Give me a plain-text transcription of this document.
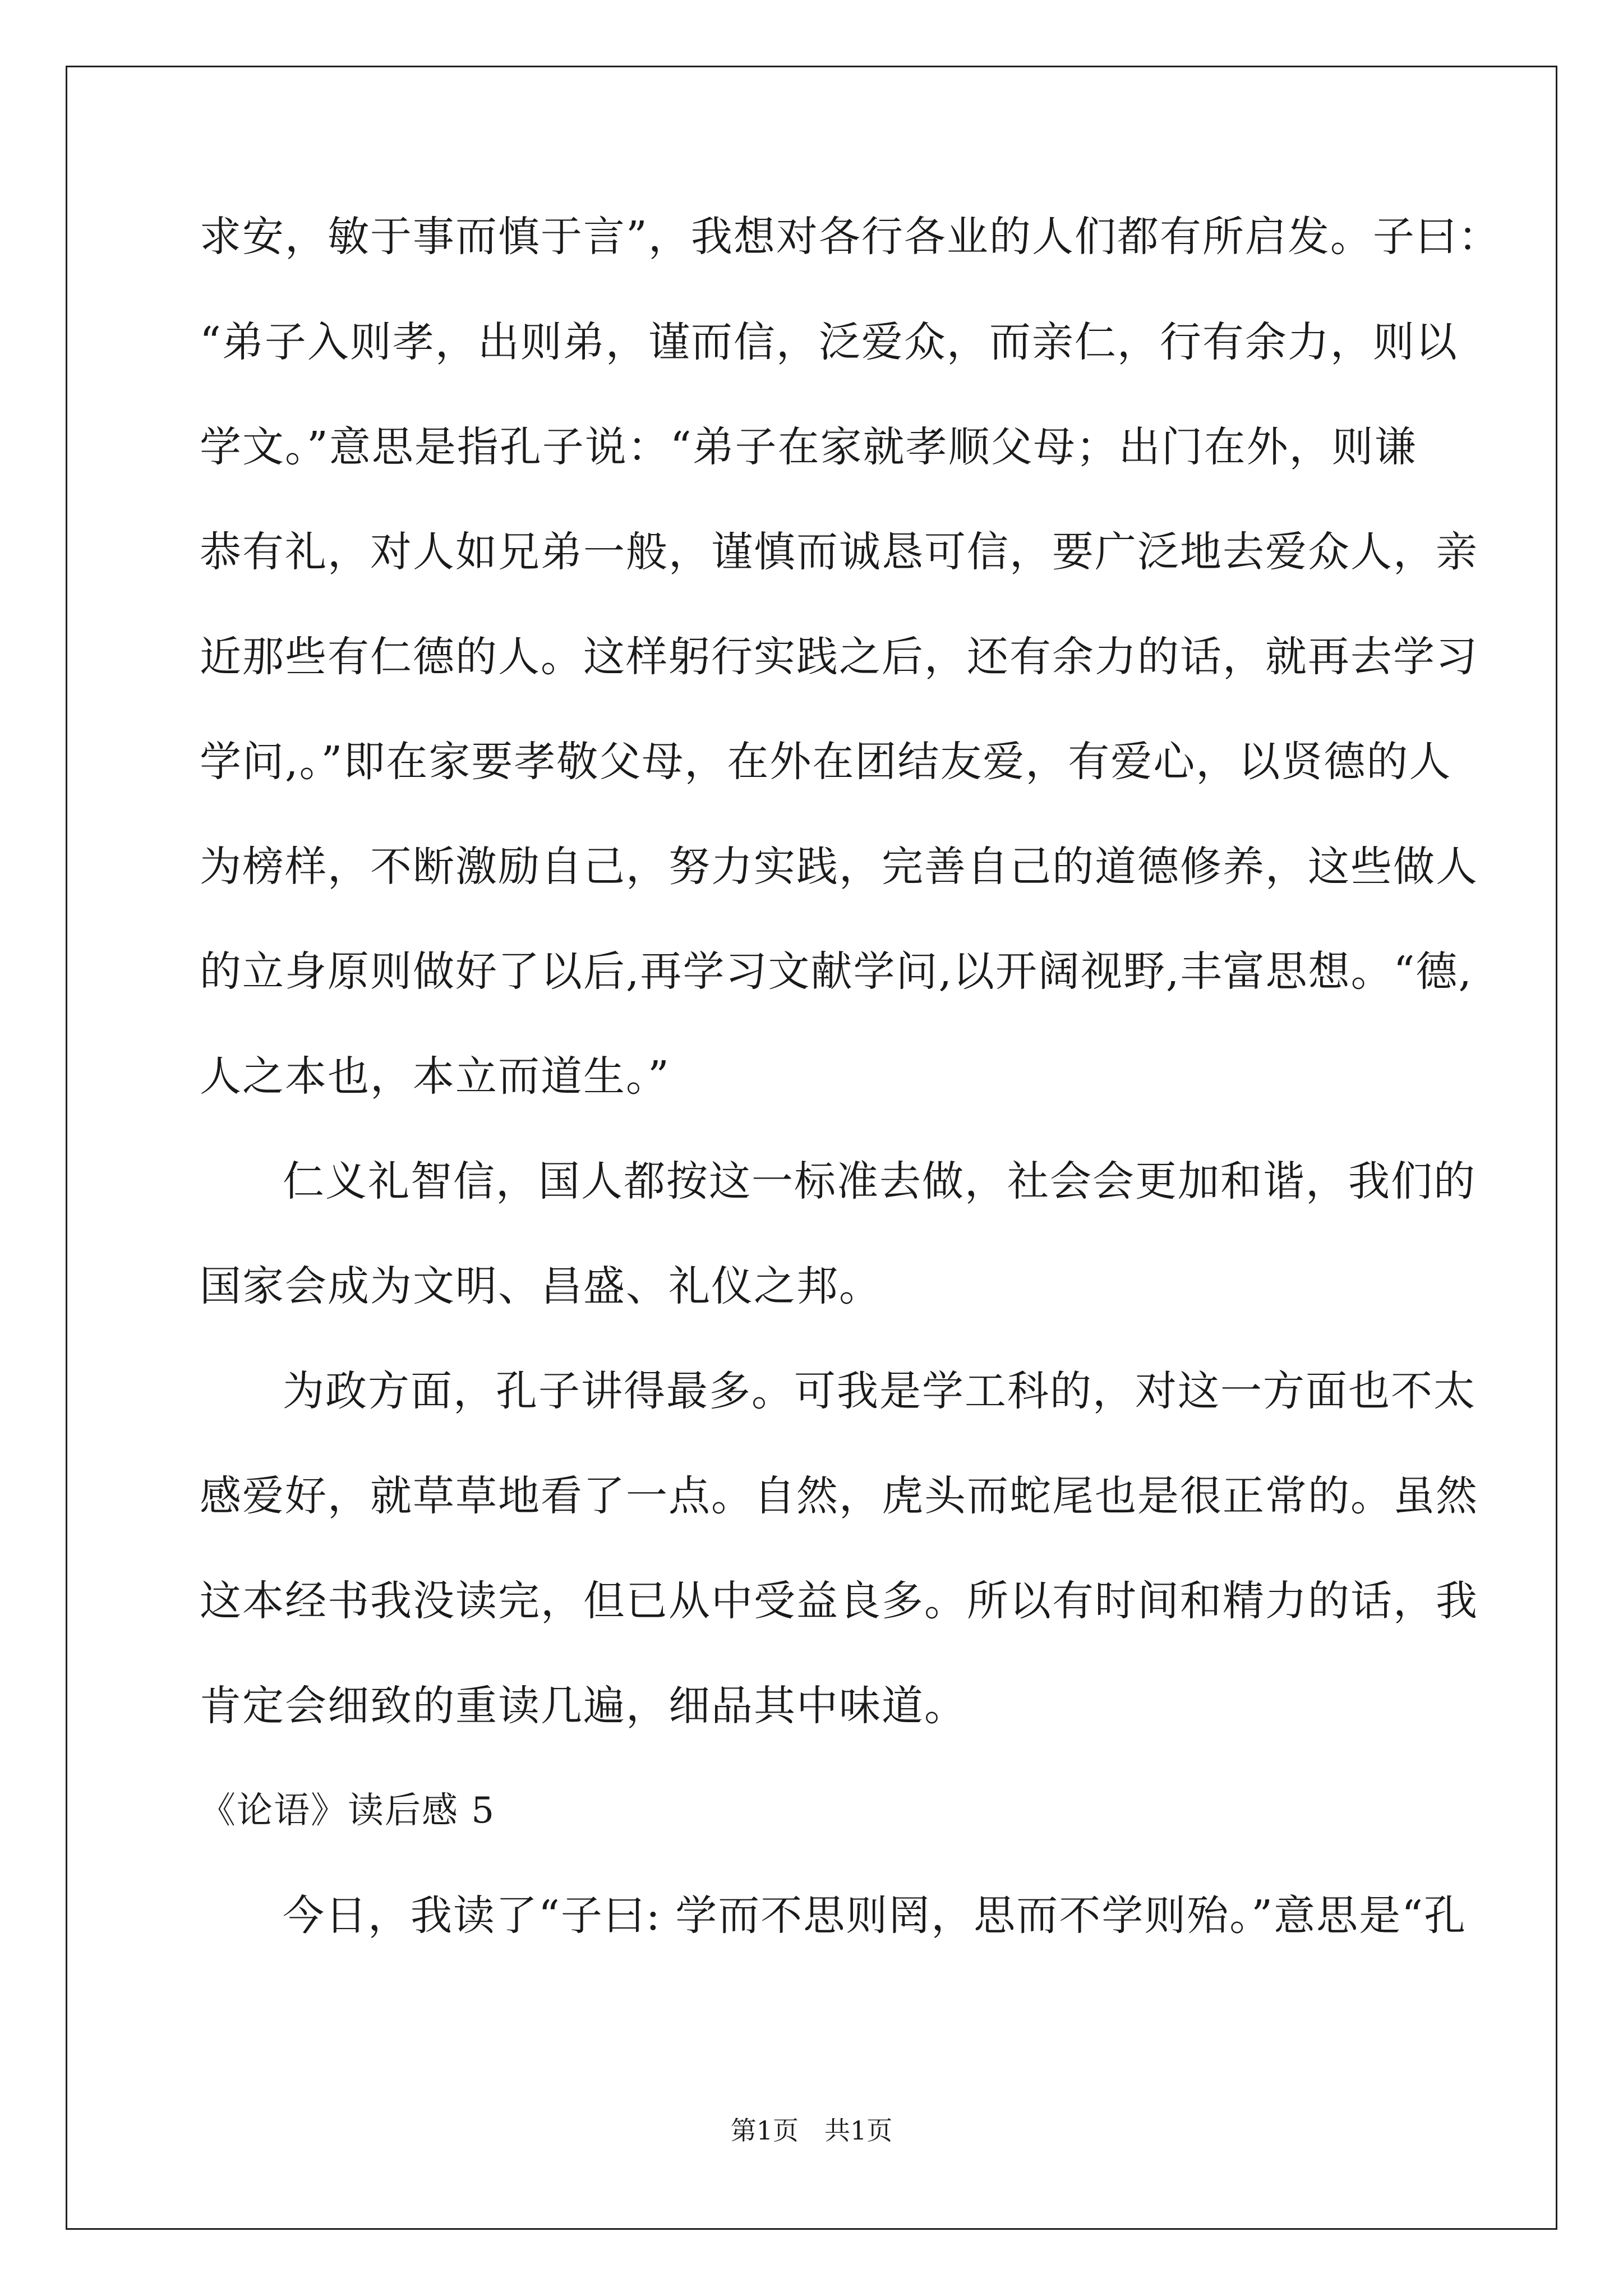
求安，敏于事而慎于言”，我想对各行各业的人们都有所启发。子曰：
“弟子入则孝，出则弟，谨而信，泛爱众，而亲仁，行有余力，则以
学文。”意思是指孔子说：“弟子在家就孝顺父母；出门在外，则谦
恭有礼，对人如兄弟一般，谨慎而诚恳可信，要广泛地去爱众人，亲
近那些有仁德的人。这样躬行实践之后，还有余力的话，就再去学习
学问,。”即在家要孝敬父母，在外在团结友爱，有爱心，以贤德的人
为榜样，不断激励自己，努力实践，完善自己的道德修养，这些做人
的立身原则做好了以后,再学习文献学问,以开阔视野,丰富思想。“德,
人之本也，本立而道生。”
仁义礼智信，国人都按这一标准去做，社会会更加和谐，我们的
国家会成为文明、昌盛、礼仪之邦。
为政方面，孔子讲得最多。可我是学工科的，对这一方面也不太
感爱好，就草草地看了一点。自然，虎头而蛇尾也是很正常的。虽然
这本经书我没读完，但已从中受益良多。所以有时间和精力的话，我
肯定会细致的重读几遍，细品其中味道。
《论语》读后感 5
今日，我读了“子曰: 学而不思则罔，思而不学则殆。”意思是“孔
第1页　共1页
